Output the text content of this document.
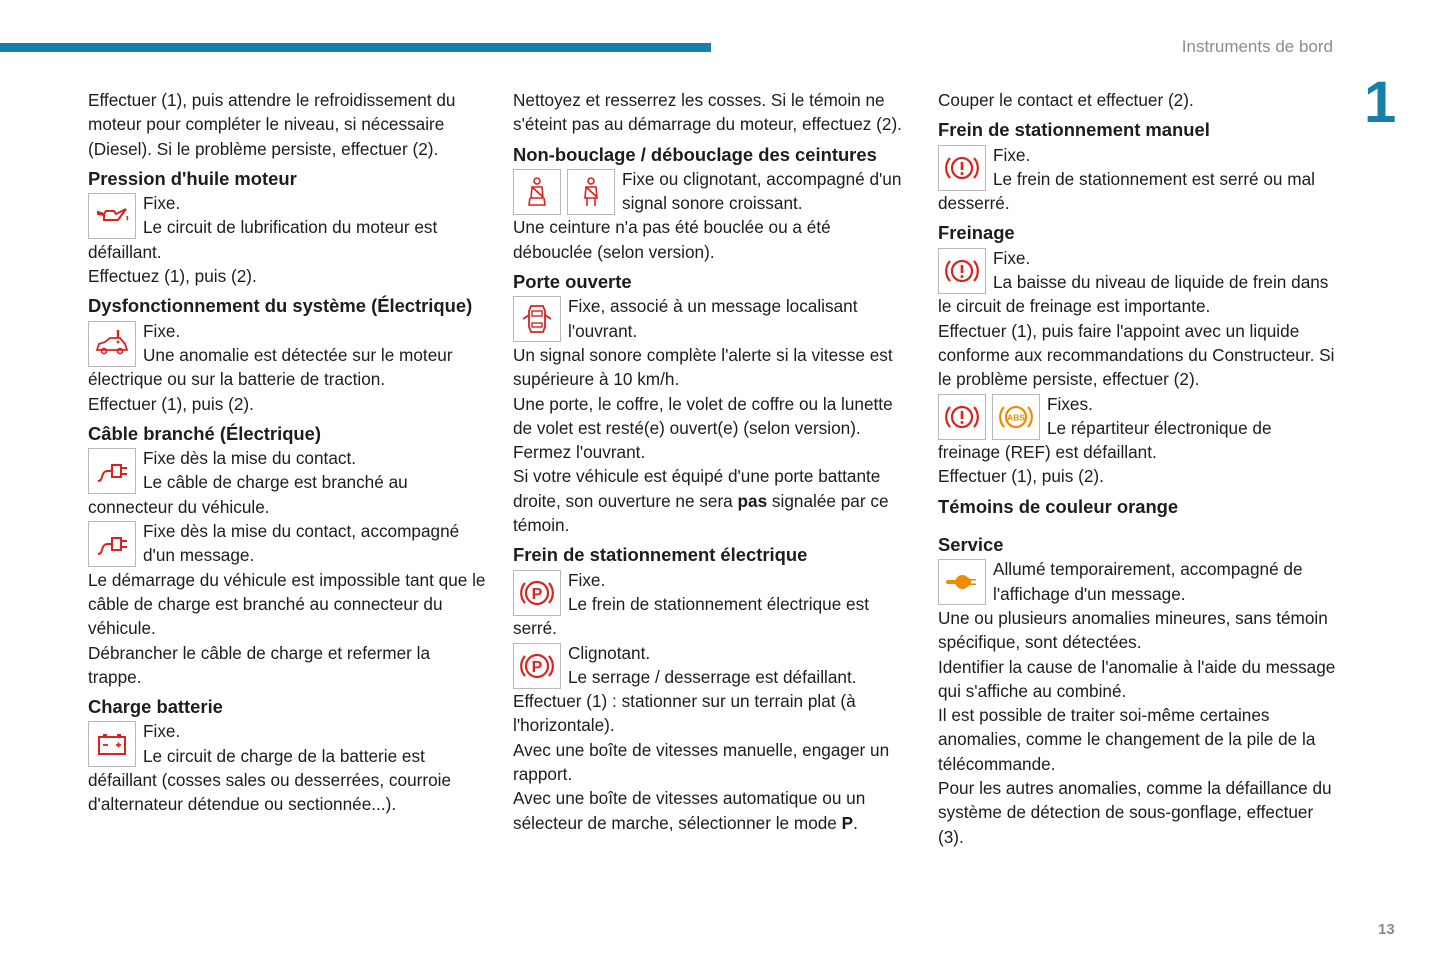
Instruments de bord
1
13

Effectuer (1), puis attendre le refroidissement du moteur pour compléter le niveau, si nécessaire (Diesel). Si le problème persiste, effectuer (2).

Pression d'huile moteur

Fixe.

Le circuit de lubrification du moteur est défaillant.

Effectuez (1), puis (2).

Dysfonctionnement du système (Électrique)

Fixe.

Une anomalie est détectée sur le moteur électrique ou sur la batterie de traction.

Effectuer (1), puis (2).

Câble branché (Électrique)

Fixe dès la mise du contact.

Le câble de charge est branché au connecteur du véhicule.

Fixe dès la mise du contact, accompagné d'un message.

Le démarrage du véhicule est impossible tant que le câble de charge est branché au connecteur du véhicule.

Débrancher le câble de charge et refermer la trappe.

Charge batterie

Fixe.

Le circuit de charge de la batterie est défaillant (cosses sales ou desserrées, courroie d'alternateur détendue ou sectionnée...).

Nettoyez et resserrez les cosses. Si le témoin ne s'éteint pas au démarrage du moteur, effectuez (2).

Non-bouclage / débouclage des ceintures

Fixe ou clignotant, accompagné d'un signal sonore croissant.

Une ceinture n'a pas été bouclée ou a été débouclée (selon version).

Porte ouverte

Fixe, associé à un message localisant l'ouvrant.

Un signal sonore complète l'alerte si la vitesse est supérieure à 10 km/h.

Une porte, le coffre, le volet de coffre ou la lunette de volet est resté(e) ouvert(e) (selon version).

Fermez l'ouvrant.

Si votre véhicule est équipé d'une porte battante droite, son ouverture ne sera pas signalée par ce témoin.

Frein de stationnement électrique
P

Fixe.

Le frein de stationnement électrique est serré.

P

Clignotant.

Le serrage / desserrage est défaillant.

Effectuer (1) : stationner sur un terrain plat (à l'horizontale).

Avec une boîte de vitesses manuelle, engager un rapport.

Avec une boîte de vitesses automatique ou un sélecteur de marche, sélectionner le mode P.

Couper le contact et effectuer (2).

Frein de stationnement manuel

Fixe.

Le frein de stationnement est serré ou mal desserré.

Freinage

Fixe.

La baisse du niveau de liquide de frein dans le circuit de freinage est importante.

Effectuer (1), puis faire l'appoint avec un liquide conforme aux recommandations du Constructeur. Si le problème persiste, effectuer (2).

ABS

Fixes.

Le répartiteur électronique de freinage (REF) est défaillant.

Effectuer (1), puis (2).

Témoins de couleur orange
Service

Allumé temporairement, accompagné de l'affichage d'un message.

Une ou plusieurs anomalies mineures, sans témoin spécifique, sont détectées.

Identifier la cause de l'anomalie à l'aide du message qui s'affiche au combiné.

Il est possible de traiter soi-même certaines anomalies, comme le changement de la pile de la télécommande.

Pour les autres anomalies, comme la défaillance du système de détection de sous-gonflage, effectuer (3).
